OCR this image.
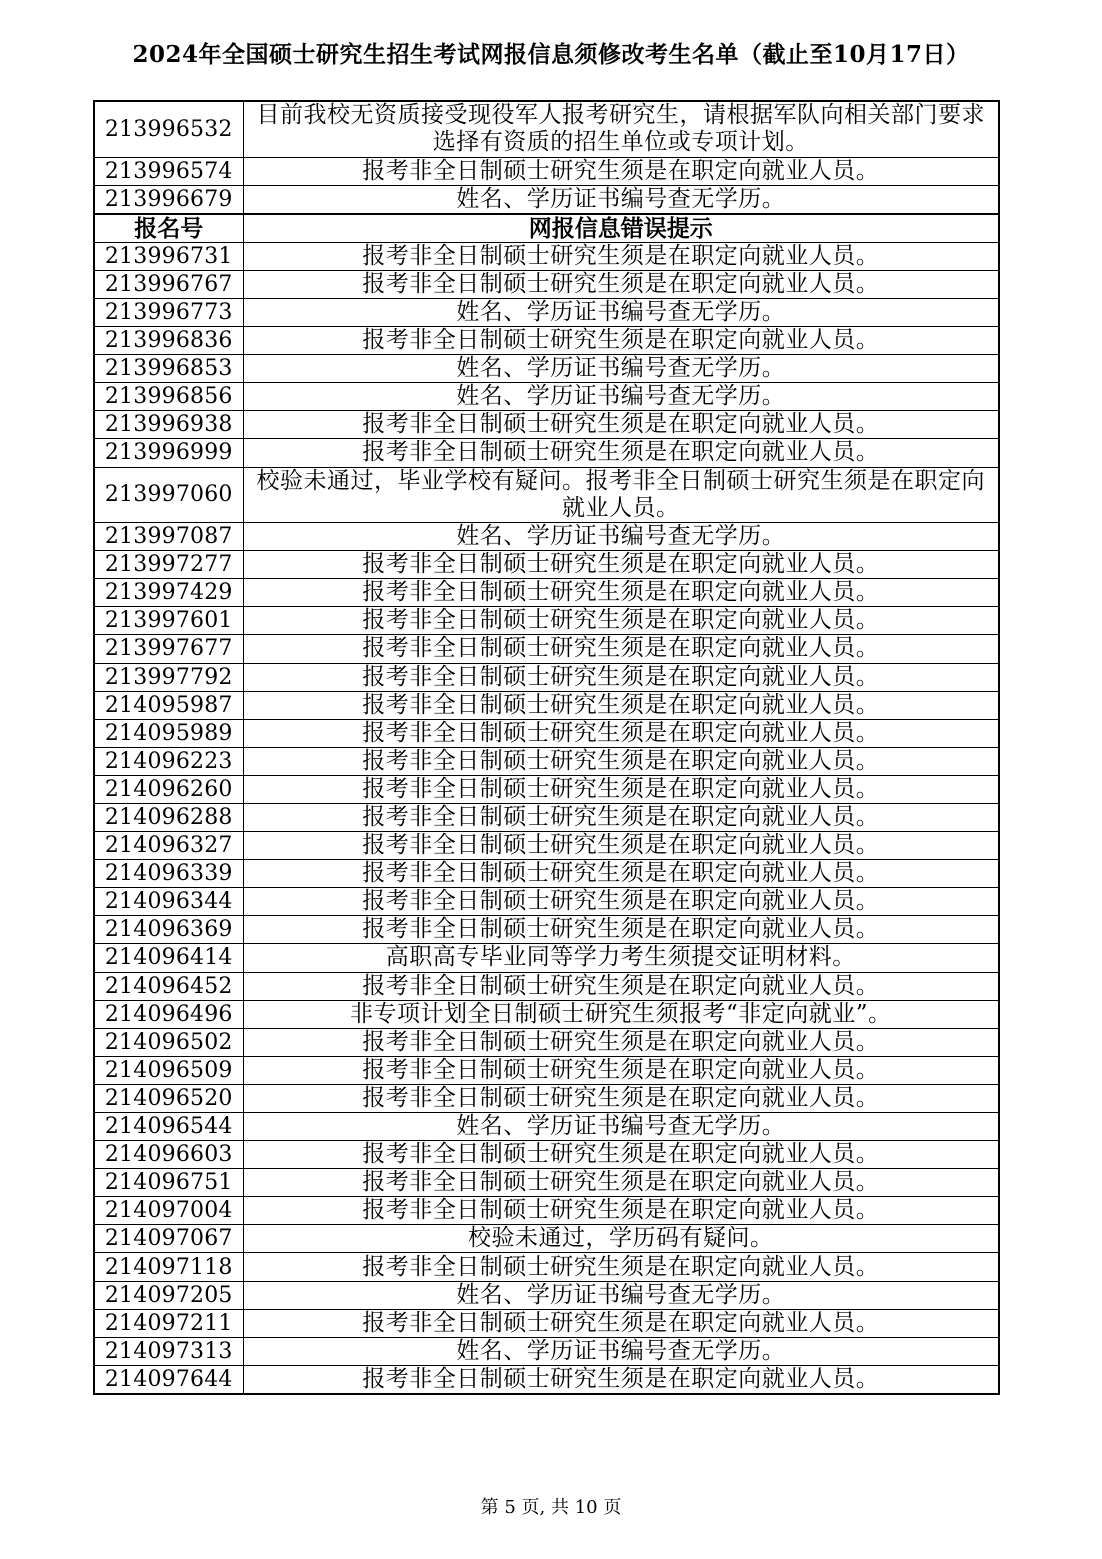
2024年全国硕士研究生招生考试网报信息须修改考生名单（截止至10月17日）
213996532	目前我校无资质接受现役军人报考研究生，请根据军队向相关部门要求选择有资质的招生单位或专项计划。
213996574	报考非全日制硕士研究生须是在职定向就业人员。
213996679	姓名、学历证书编号查无学历。
报名号	网报信息错误提示
213996731	报考非全日制硕士研究生须是在职定向就业人员。
213996767	报考非全日制硕士研究生须是在职定向就业人员。
213996773	姓名、学历证书编号查无学历。
213996836	报考非全日制硕士研究生须是在职定向就业人员。
213996853	姓名、学历证书编号查无学历。
213996856	姓名、学历证书编号查无学历。
213996938	报考非全日制硕士研究生须是在职定向就业人员。
213996999	报考非全日制硕士研究生须是在职定向就业人员。
213997060	校验未通过，毕业学校有疑问。报考非全日制硕士研究生须是在职定向就业人员。
213997087	姓名、学历证书编号查无学历。
213997277	报考非全日制硕士研究生须是在职定向就业人员。
213997429	报考非全日制硕士研究生须是在职定向就业人员。
213997601	报考非全日制硕士研究生须是在职定向就业人员。
213997677	报考非全日制硕士研究生须是在职定向就业人员。
213997792	报考非全日制硕士研究生须是在职定向就业人员。
214095987	报考非全日制硕士研究生须是在职定向就业人员。
214095989	报考非全日制硕士研究生须是在职定向就业人员。
214096223	报考非全日制硕士研究生须是在职定向就业人员。
214096260	报考非全日制硕士研究生须是在职定向就业人员。
214096288	报考非全日制硕士研究生须是在职定向就业人员。
214096327	报考非全日制硕士研究生须是在职定向就业人员。
214096339	报考非全日制硕士研究生须是在职定向就业人员。
214096344	报考非全日制硕士研究生须是在职定向就业人员。
214096369	报考非全日制硕士研究生须是在职定向就业人员。
214096414	高职高专毕业同等学力考生须提交证明材料。
214096452	报考非全日制硕士研究生须是在职定向就业人员。
214096496	非专项计划全日制硕士研究生须报考“非定向就业”。
214096502	报考非全日制硕士研究生须是在职定向就业人员。
214096509	报考非全日制硕士研究生须是在职定向就业人员。
214096520	报考非全日制硕士研究生须是在职定向就业人员。
214096544	姓名、学历证书编号查无学历。
214096603	报考非全日制硕士研究生须是在职定向就业人员。
214096751	报考非全日制硕士研究生须是在职定向就业人员。
214097004	报考非全日制硕士研究生须是在职定向就业人员。
214097067	校验未通过，学历码有疑问。
214097118	报考非全日制硕士研究生须是在职定向就业人员。
214097205	姓名、学历证书编号查无学历。
214097211	报考非全日制硕士研究生须是在职定向就业人员。
214097313	姓名、学历证书编号查无学历。
214097644	报考非全日制硕士研究生须是在职定向就业人员。
第 5 页, 共 10 页
